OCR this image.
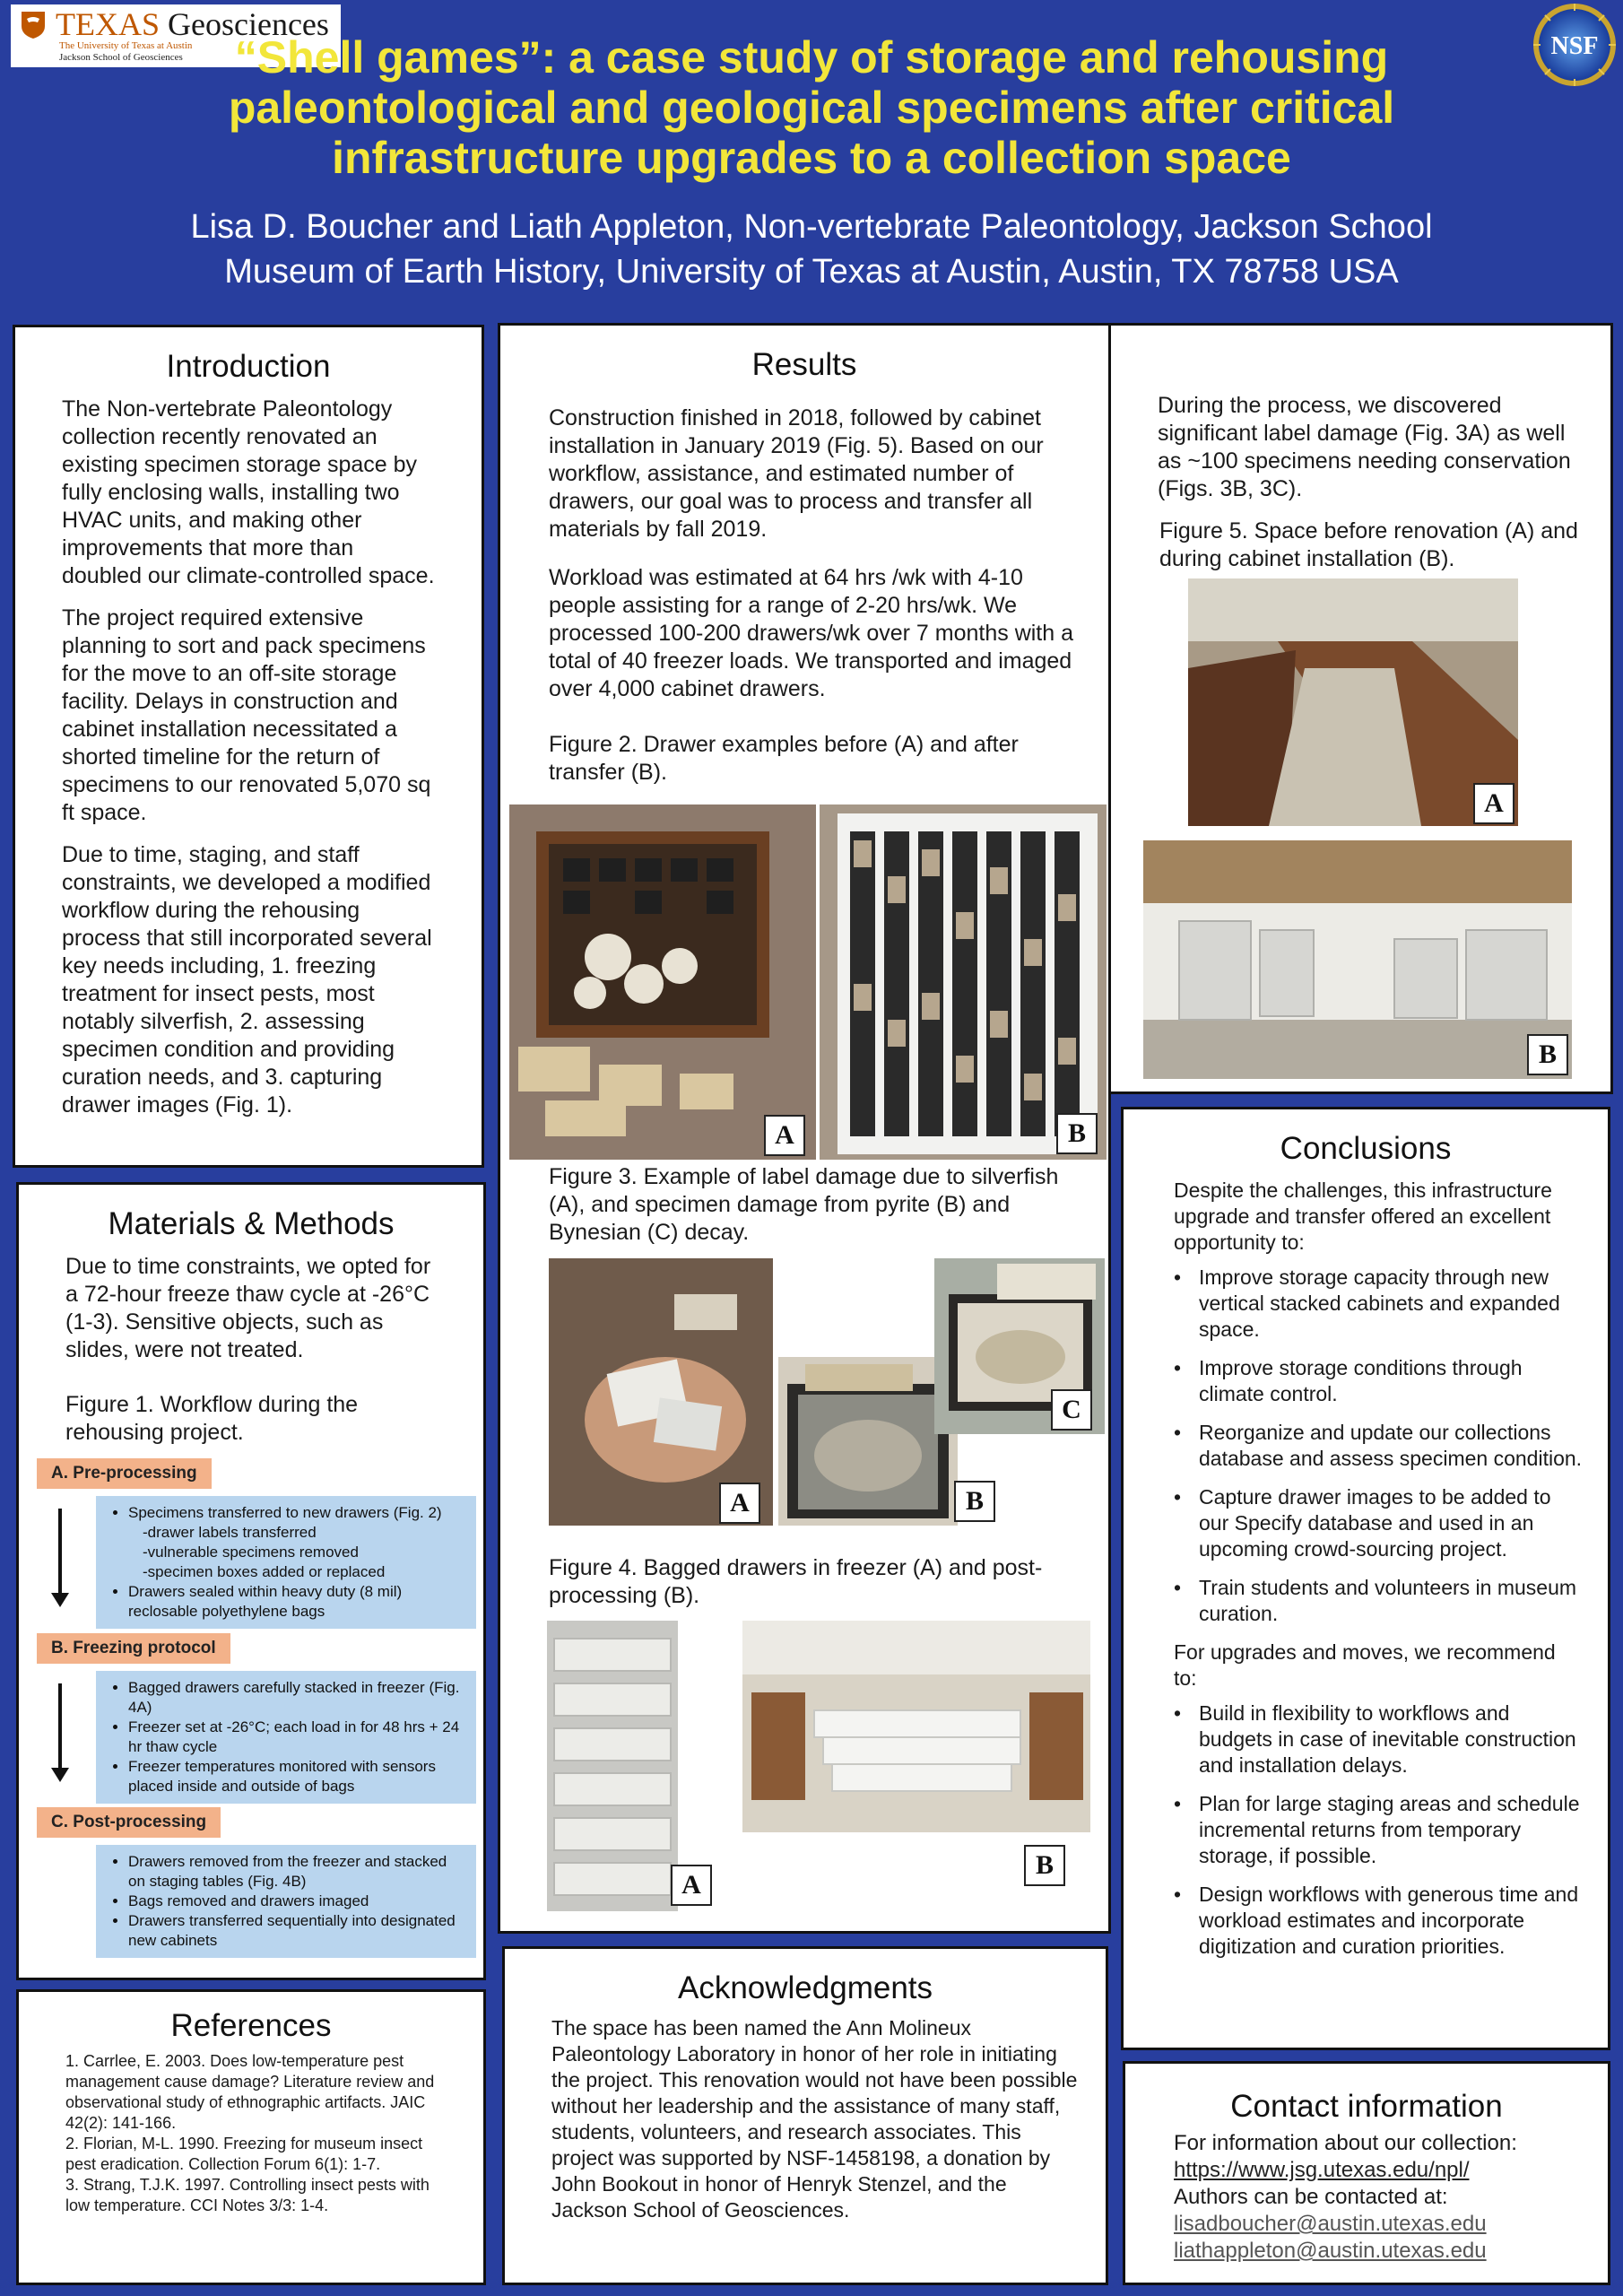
TEXAS Geosciences
The University of Texas at Austin
Jackson School of Geosciences	NSF
“Shell games”: a case study of storage and rehousing paleontological and geological specimens after critical infrastructure upgrades to a collection space
Lisa D. Boucher and Liath Appleton, Non-vertebrate Paleontology, Jackson School
Museum of Earth History, University of Texas at Austin, Austin, TX 78758 USA
Introduction

The Non-vertebrate Paleontology collection recently renovated an existing specimen storage space by fully enclosing walls, installing two HVAC units, and making other improvements that more than doubled our climate-controlled space.

The project required extensive planning to sort and pack specimens for the move to an off-site storage facility. Delays in construction and cabinet installation necessitated a shorted timeline for the return of specimens to our renovated 5,070 sq ft space.

Due to time, staging, and staff constraints, we developed a modified workflow during the rehousing process that still incorporated several key needs including, 1. freezing treatment for insect pests, most notably silverfish, 2. assessing specimen condition and providing curation needs, and 3. capturing drawer images (Fig. 1).

Materials & Methods

Due to time constraints, we opted for a 72-hour freeze thaw cycle at -26°C (1-3). Sensitive objects, such as slides, were not treated.

Figure 1. Workflow during the rehousing project.

A. Pre-processing
• Specimens transferred to new drawers (Fig. 2)
-drawer labels transferred
-vulnerable specimens removed
-specimen boxes added or replaced
• Drawers sealed within heavy duty (8 mil) reclosable polyethylene bags
B. Freezing protocol
• Bagged drawers carefully stacked in freezer (Fig. 4A)
• Freezer set at -26°C; each load in for 48 hrs + 24 hr thaw cycle
• Freezer temperatures monitored with sensors placed inside and outside of bags
C. Post-processing
• Drawers removed from the freezer and stacked on staging tables (Fig. 4B)
• Bags removed and drawers imaged
• Drawers transferred sequentially into designated new cabinets
References
1. Carrlee, E. 2003. Does low-temperature pest management cause damage? Literature review and observational study of ethnographic artifacts. JAIC 42(2): 141-166.
2. Florian, M-L. 1990. Freezing for museum insect pest eradication. Collection Forum 6(1): 1-7.
3. Strang, T.J.K. 1997. Controlling insect pests with low temperature. CCI Notes 3/3: 1-4.
Results
Construction finished in 2018, followed by cabinet installation in January 2019 (Fig. 5). Based on our workflow, assistance, and estimated number of drawers, our goal was to process and transfer all materials by fall 2019.
Workload was estimated at 64 hrs /wk with 4-10 people assisting for a range of 2-20 hrs/wk. We processed 100-200 drawers/wk over 7 months with a total of 40 freezer loads. We transported and imaged over 4,000 cabinet drawers.
Figure 2. Drawer examples before (A) and after transfer (B).
A	B
Figure 3. Example of label damage due to silverfish (A), and specimen damage from pyrite (B) and Bynesian (C) decay.
A	B
C
Figure 4. Bagged drawers in freezer (A) and post-processing (B).
A
B
During the process, we discovered significant label damage (Fig. 3A) as well as ~100 specimens needing conservation (Figs. 3B, 3C).
Figure 5. Space before renovation (A) and during cabinet installation (B).
A
B
Conclusions

Despite the challenges, this infrastructure upgrade and transfer offered an excellent opportunity to:

• Improve storage capacity through new vertical stacked cabinets and expanded space.
• Improve storage conditions through climate control.
• Reorganize and update our collections database and assess specimen condition.
• Capture drawer images to be added to our Specify database and used in an upcoming crowd-sourcing project.
• Train students and volunteers in museum curation.

For upgrades and moves, we recommend to:

• Build in flexibility to workflows and budgets in case of inevitable construction and installation delays.
• Plan for large staging areas and schedule incremental returns from temporary storage, if possible.
• Design workflows with generous time and workload estimates and incorporate digitization and curation priorities.
Acknowledgments
The space has been named the Ann Molineux Paleontology Laboratory in honor of her role in initiating the project. This renovation would not have been possible without her leadership and the assistance of many staff, students, volunteers, and research associates. This project was supported by NSF-1458198, a donation by John Bookout in honor of Henryk Stenzel, and the Jackson School of Geosciences.
Contact information
For information about our collection:
https://www.jsg.utexas.edu/npl/
Authors can be contacted at:
lisadboucher@austin.utexas.edu
liathappleton@austin.utexas.edu
